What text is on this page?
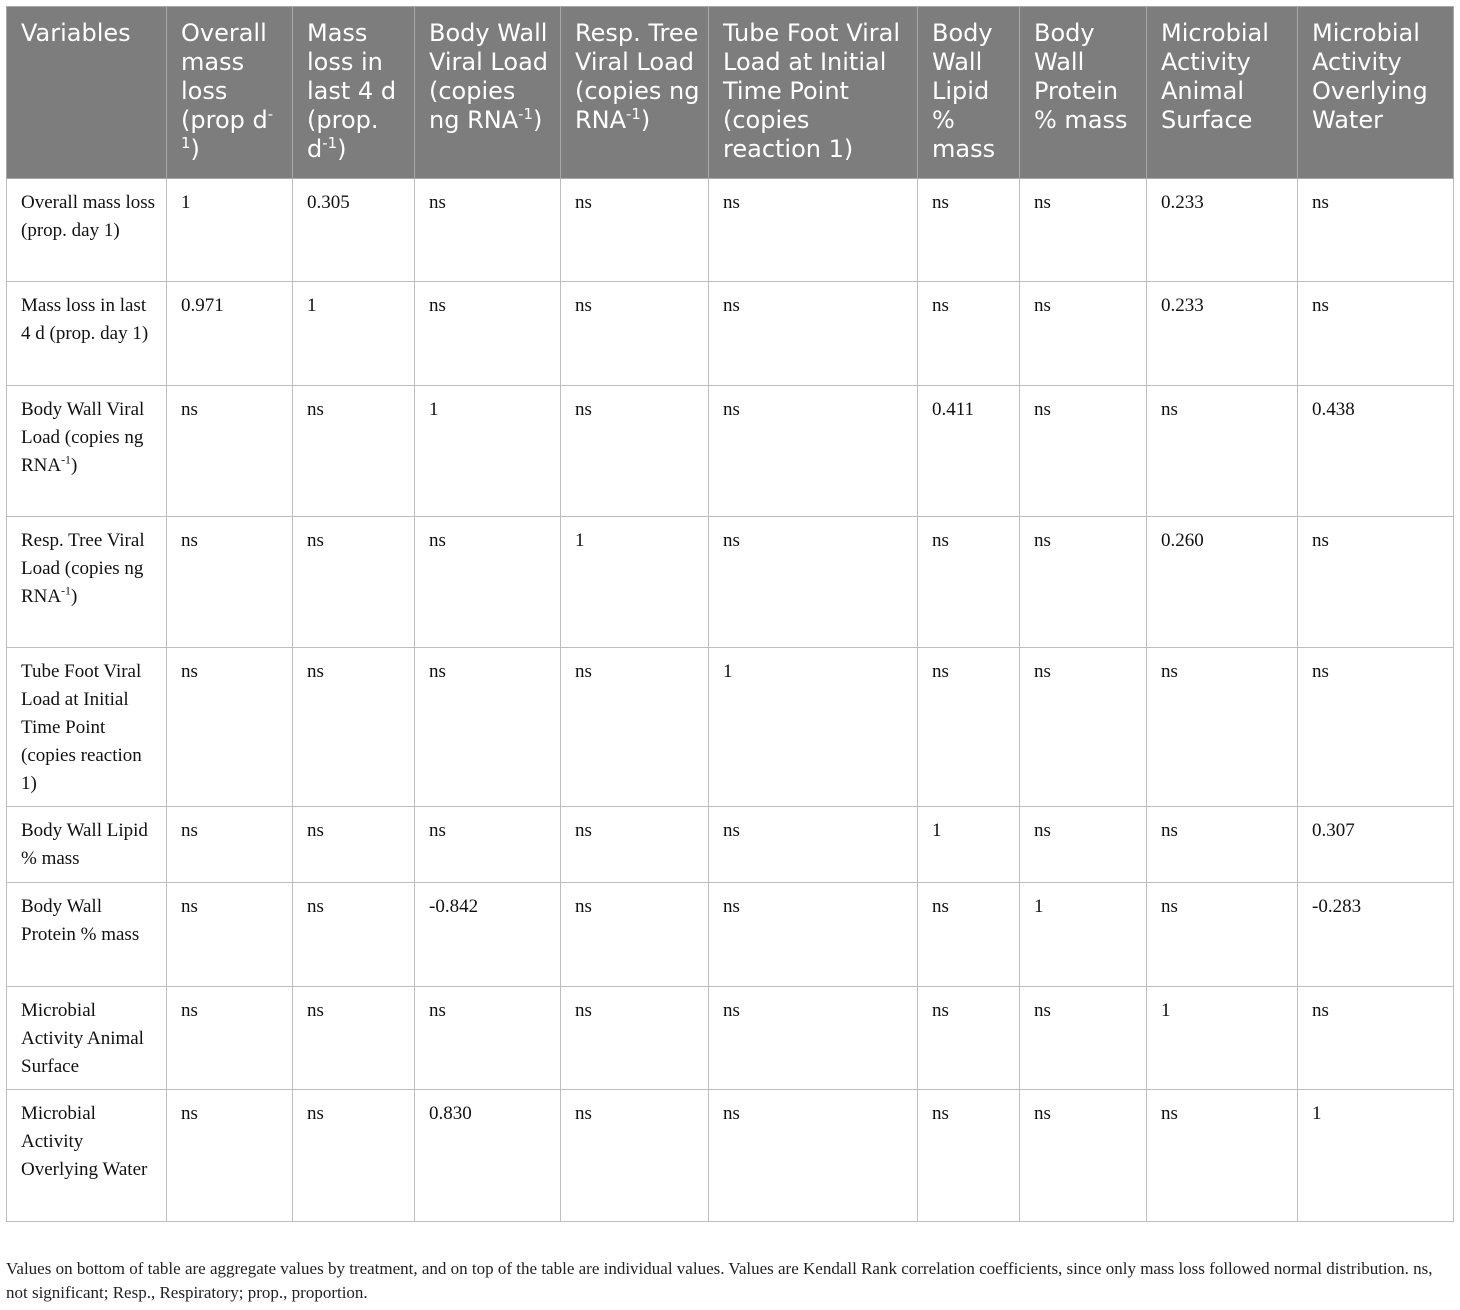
Variables	Overall mass loss (prop $d^{-1}$)	Mass loss in last 4 d (prop. $d^{-1}$)	Body Wall Viral Load (copies ng $RNA^{-1}$)	Resp. Tree Viral Load (copies ng $RNA^{-1}$)	Tube Foot Viral Load at Initial Time Point (copies reaction 1)	Body Wall Lipid % mass	Body Wall Protein % mass	Microbial Activity Animal Surface	Microbial Activity Overlying Water
Overall mass loss (prop. day 1)	1	0.305	ns	ns	ns	ns	ns	0.233	ns
Mass loss in last 4 d (prop. day 1)	0.971	1	ns	ns	ns	ns	ns	0.233	ns
Body Wall Viral Load (copies ng $RNA^{-1}$)	ns	ns	1	ns	ns	0.411	ns	ns	0.438
Resp. Tree Viral Load (copies ng $RNA^{-1}$)	ns	ns	ns	1	ns	ns	ns	0.260	ns
Tube Foot Viral Load at Initial Time Point (copies reaction 1)	ns	ns	ns	ns	1	ns	ns	ns	ns
Body Wall Lipid % mass	ns	ns	ns	ns	ns	1	ns	ns	0.307
Body Wall Protein % mass	ns	ns	-0.842	ns	ns	ns	1	ns	-0.283
Microbial Activity Animal Surface	ns	ns	ns	ns	ns	ns	ns	1	ns
Microbial Activity Overlying Water	ns	ns	0.830	ns	ns	ns	ns	ns	1
Values on bottom of table are aggregate values by treatment, and on top of the table are individual values. Values are Kendall Rank correlation coefficients, since only mass loss followed normal distribution. ns, not significant; Resp., Respiratory; prop., proportion.
